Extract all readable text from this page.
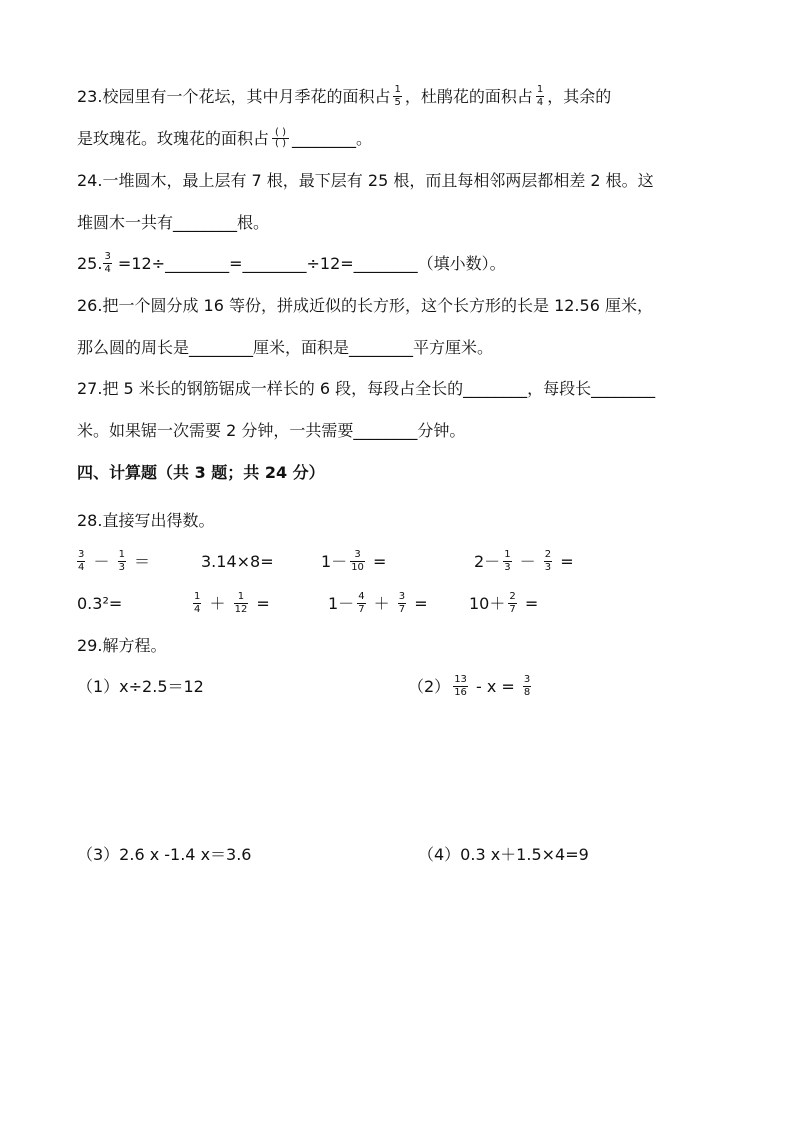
23.校园里有一个花坛，其中月季花的面积占 $\frac{1}{5}$ ，杜鹃花的面积占 $\frac{1}{4}$ ，其余的
是玫瑰花。玫瑰花的面积占 $\frac{( )}{( )}$ ________。
24.一堆圆木，最上层有 7 根，最下层有 25 根，而且每相邻两层都相差 2 根。这
堆圆木一共有________根。
25. $\frac{3}{4}$ =12÷________=________÷12=________（填小数）。
26.把一个圆分成 16 等份，拼成近似的长方形，这个长方形的长是 12.56 厘米，
那么圆的周长是________厘米，面积是________平方厘米。
27.把 5 米长的钢筋锯成一样长的 6 段，每段占全长的________，每段长________
米。如果锯一次需要 2 分钟，一共需要________分钟。
四、计算题（共 3 题；共 24 分）
28.直接写出得数。
$\frac{3}{4} - \frac{1}{3}$ ＝	3.14×8=	$1- \frac{3}{10}$ =	$2- \frac{1}{3} - \frac{2}{3}$ =
0.3²=	$\frac{1}{4} + \frac{1}{12}$ =	$1- \frac{4}{7} + \frac{3}{7}$ =	$10+ \frac{2}{7}$ =
29.解方程。
（1）x÷2.5＝12	$(2) \frac{13}{16} - x = \frac{3}{8}$
（3）2.6 x -1.4 x＝3.6	（4）0.3 x＋1.5×4=9
